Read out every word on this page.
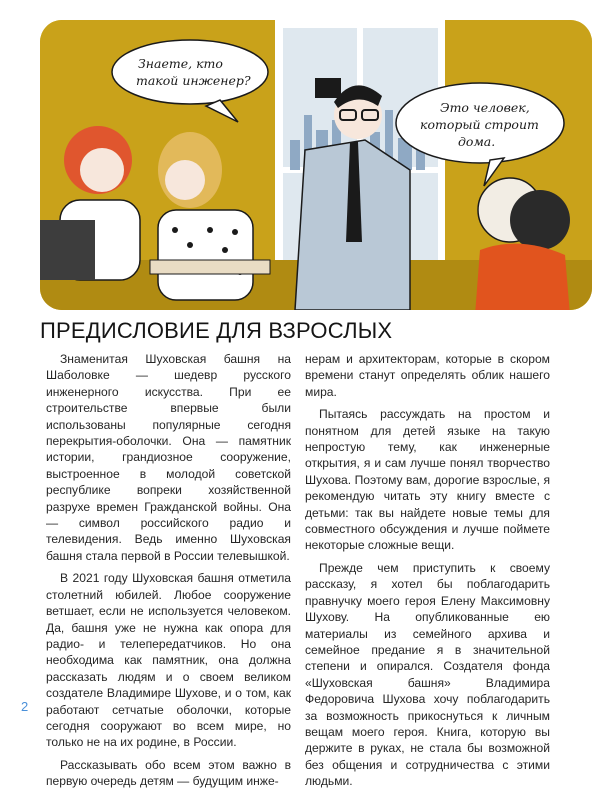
Знаете, кто
такой инженер?
Это человек,
который строит
дома.
ПРЕДИСЛОВИЕ ДЛЯ ВЗРОСЛЫХ

Знаменитая Шуховская башня на Шаболовке — шедевр русского инженерного искусства. При ее строительстве впервые были использованы популярные сегодня перекрытия-оболочки. Она — памятник истории, грандиозное сооружение, выстроенное в молодой советской республике вопреки хозяйственной разрухе времен Гражданской войны. Она — символ российского радио и телевидения. Ведь именно Шуховская башня стала первой в России телевышкой.

В 2021 году Шуховская башня отметила столетний юбилей. Любое сооружение ветшает, если не используется человеком. Да, башня уже не нужна как опора для радио- и телепередатчиков. Но она необходима как памятник, она должна рассказать людям и о своем великом создателе Владимире Шухове, и о том, как работают сетчатые оболочки, которые сегодня сооружают во всем мире, но только не на их родине, в России.

Рассказывать обо всем этом важно в первую очередь детям — будущим инже-

нерам и архитекторам, которые в скором времени станут определять облик нашего мира.

Пытаясь рассуждать на простом и понятном для детей языке на такую непростую тему, как инженерные открытия, я и сам лучше понял творчество Шухова. Поэтому вам, дорогие взрослые, я рекомендую читать эту книгу вместе с детьми: так вы найдете новые темы для совместного обсуждения и лучше поймете некоторые сложные вещи.

Прежде чем приступить к своему рассказу, я хотел бы поблагодарить правнучку моего героя Елену Максимовну Шухову. На опубликованные ею материалы из семейного архива и семейное предание я в значительной степени и опирался. Создателя фонда «Шуховская башня» Владимира Федоровича Шухова хочу поблагодарить за возможность прикоснуться к личным вещам моего героя. Книга, которую вы держите в руках, не стала бы возможной без общения и сотрудничества с этими людьми.

2
